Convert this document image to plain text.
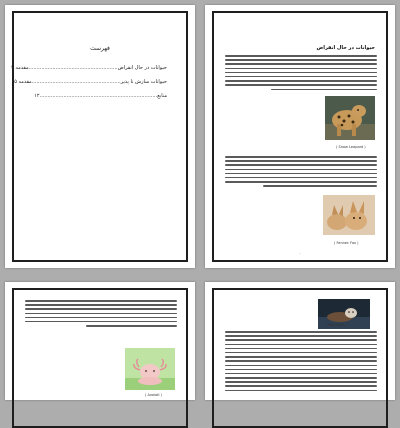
فهرست
حیوانات در حال انقراض........................................................مقدمه ۲
حیوانات سازش نا پذیر........................................................مقدمه ۵
منابع..........................................................................۱۲
حیوانات در حال انقراض
( Snow Leopard )
( Fennec Fox )
٠
( Axolotl )
( Sea Otter )
